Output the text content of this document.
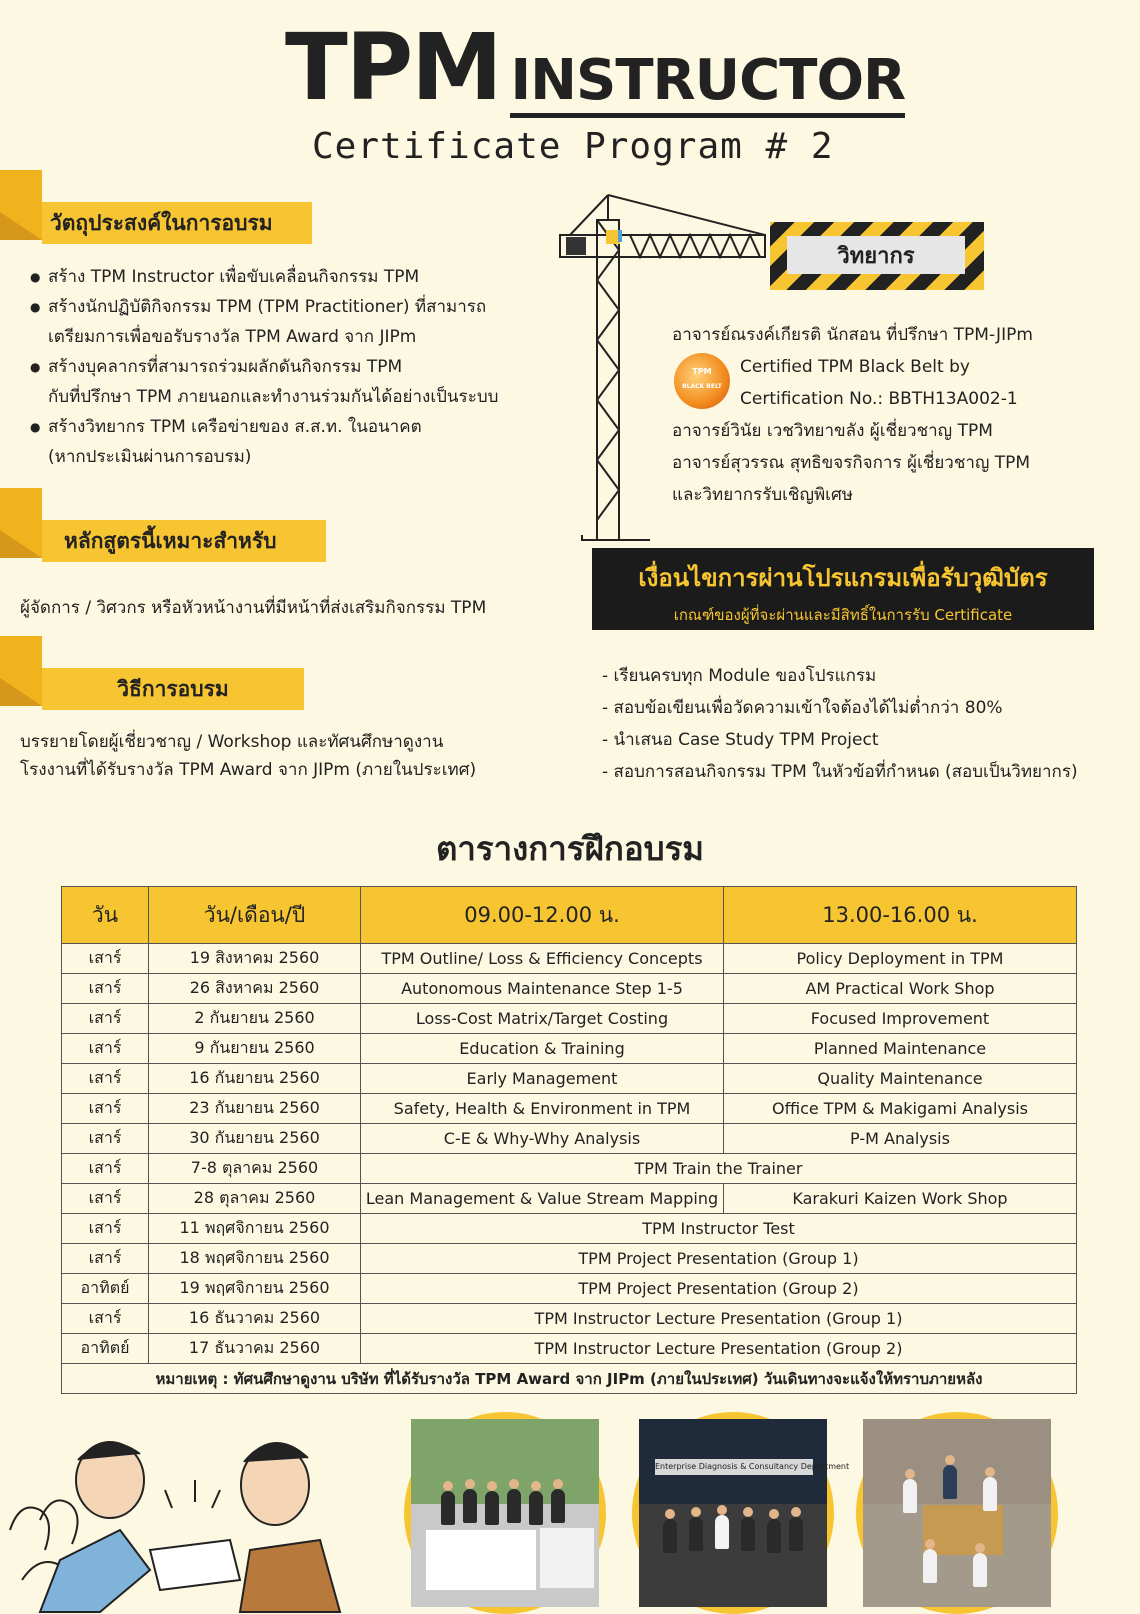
TPM INSTRUCTOR
Certificate Program # 2
วัตถุประสงค์ในการอบรม
● สร้าง TPM Instructor เพื่อขับเคลื่อนกิจกรรม TPM
● สร้างนักปฏิบัติกิจกรรม TPM (TPM Practitioner) ที่สามารถ
เตรียมการเพื่อขอรับรางวัล TPM Award จาก JIPm
● สร้างบุคลากรที่สามารถร่วมผลักดันกิจกรรม TPM
กับที่ปรึกษา TPM ภายนอกและทำงานร่วมกันได้อย่างเป็นระบบ
● สร้างวิทยากร TPM เครือข่ายของ ส.ส.ท. ในอนาคต
(หากประเมินผ่านการอบรม)
หลักสูตรนี้เหมาะสำหรับ
ผู้จัดการ / วิศวกร หรือหัวหน้างานที่มีหน้าที่ส่งเสริมกิจกรรม TPM
วิธีการอบรม
บรรยายโดยผู้เชี่ยวชาญ / Workshop และทัศนศึกษาดูงาน
โรงงานที่ได้รับรางวัล TPM Award จาก JIPm (ภายในประเทศ)
วิทยากร
อาจารย์ณรงค์เกียรติ นักสอน ที่ปรึกษา TPM-JIPm
TPM
BLACK BELT
Certified TPM Black Belt by
Certification No.: BBTH13A002-1
อาจารย์วินัย เวชวิทยาขลัง ผู้เชี่ยวชาญ TPM
อาจารย์สุวรรณ สุทธิขจรกิจการ ผู้เชี่ยวชาญ TPM
และวิทยากรรับเชิญพิเศษ
เงื่อนไขการผ่านโปรแกรมเพื่อรับวุฒิบัตร
เกณฑ์ของผู้ที่จะผ่านและมีสิทธิ์ในการรับ Certificate
- เรียนครบทุก Module ของโปรแกรม
- สอบข้อเขียนเพื่อวัดความเข้าใจต้องได้ไม่ต่ำกว่า 80%
- นำเสนอ Case Study TPM Project
- สอบการสอนกิจกรรม TPM ในหัวข้อที่กำหนด (สอบเป็นวิทยากร)
ตารางการฝึกอบรม
วัน	วัน/เดือน/ปี	09.00-12.00 น.	13.00-16.00 น.
เสาร์	19 สิงหาคม 2560	TPM Outline/ Loss & Efficiency Concepts	Policy Deployment in TPM
เสาร์	26 สิงหาคม 2560	Autonomous Maintenance Step 1-5	AM Practical Work Shop
เสาร์	2 กันยายน 2560	Loss-Cost Matrix/Target Costing	Focused Improvement
เสาร์	9 กันยายน 2560	Education & Training	Planned Maintenance
เสาร์	16 กันยายน 2560	Early Management	Quality Maintenance
เสาร์	23 กันยายน 2560	Safety, Health & Environment in TPM	Office TPM & Makigami Analysis
เสาร์	30 กันยายน 2560	C-E & Why-Why Analysis	P-M Analysis
เสาร์	7-8 ตุลาคม 2560	TPM Train the Trainer	
เสาร์	28 ตุลาคม 2560	Lean Management & Value Stream Mapping	Karakuri Kaizen Work Shop
เสาร์	11 พฤศจิกายน 2560	TPM Instructor Test	
เสาร์	18 พฤศจิกายน 2560	TPM Project Presentation (Group 1)	
อาทิตย์	19 พฤศจิกายน 2560	TPM Project Presentation (Group 2)	
เสาร์	16 ธันวาคม 2560	TPM Instructor Lecture Presentation (Group 1)	
อาทิตย์	17 ธันวาคม 2560	TPM Instructor Lecture Presentation (Group 2)	
หมายเหตุ : ทัศนศึกษาดูงาน บริษัท ที่ได้รับรางวัล TPM Award จาก JIPm (ภายในประเทศ) วันเดินทางจะแจ้งให้ทราบภายหลัง			
Enterprise Diagnosis & Consultancy Department
